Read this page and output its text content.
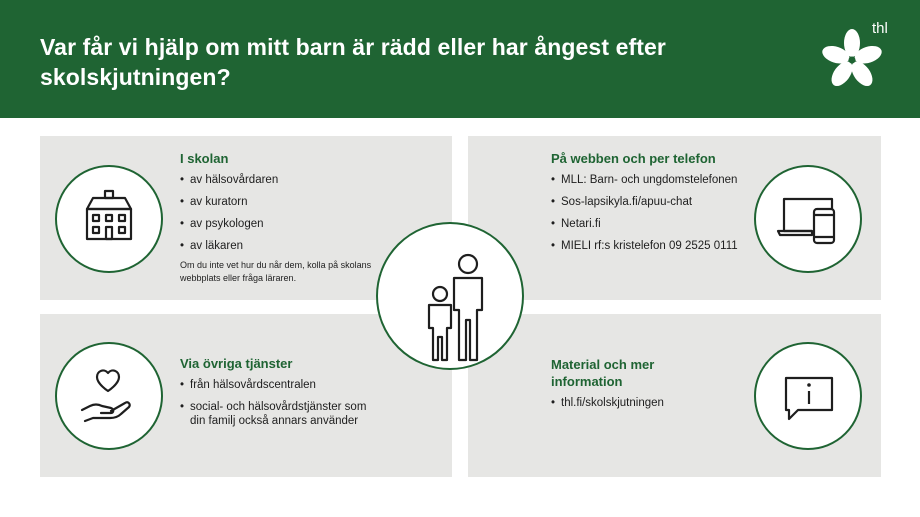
Var får vi hjälp om mitt barn är rädd eller har ångest efter skolskjutningen?
thl
I skolan
• av hälsovårdaren
• av kuratorn
• av psykologen
• av läkaren
Om du inte vet hur du når dem, kolla på skolans webbplats eller fråga läraren.
På webben och per telefon
• MLL: Barn- och ungdomstelefonen
• Sos-lapsikyla.fi/apuu-chat
• Netari.fi
• MIELI rf:s kristelefon 09 2525 0111
Via övriga tjänster
• från hälsovårdscentralen
• social- och hälsovårdstjänster som din familj också annars använder
Material och mer information
• thl.fi/skolskjutningen
